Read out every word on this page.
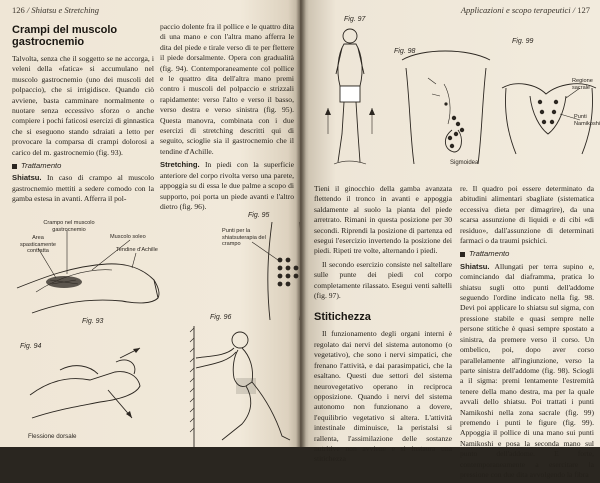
126 / Shiatsu e Stretching
Crampi del muscolo gastrocnemio

Talvolta, senza che il soggetto se ne accorga, i veleni della «fatica» si accumulano nel muscolo gastrocnemio (uno dei muscoli del polpaccio), che si irrigidisce. Quando ciò avviene, basta camminare normalmente o nuotare senza eccessivo sforzo o anche compiere i pochi faticosi esercizi di ginnastica che si eseguono stando sdraiati a letto per provocare la comparsa di crampi dolorosi a carico del m. gastrocnemio (fig. 93).

Trattamento

Shiatsu. In caso di crampo al muscolo gastrocnemio mettiti a sedere comodo con la gamba estesa in avanti. Afferra il pol-

paccio dolente fra il pollice e le quattro dita di una mano e con l'altra mano afferra le dita del piede e tirale verso di te per flettere il piede dorsalmente. Opera con gradualità (fig. 94). Contemporaneamente col pollice e le quattro dita dell'altra mano premi contro i muscoli del polpaccio e strizzali rapidamente: verso l'alto e verso il basso, verso destra e verso sinistra (fig. 95). Questa manovra, combinata con i due esercizi di stretching descritti qui di seguito, scioglie sia il gastrocnemio che il tendine d'Achille.

Stretching. In piedi con la superficie anteriore del corpo rivolta verso una parete, appoggia su di essa le due palme a scopo di supporto, poi porta un piede avanti e l'altro dietro (fig. 96).

Crampo nel muscolo gastrocnemio
Area spasticamente contratta
Muscolo soleo
Tendine d'Achille
Fig. 93
Fig. 94
Flessione dorsale
Fig. 95
Punti per la shiatsuterapia del crampo
Fig. 96
Applicazioni e scopo terapeutici / 127
Fig. 97
Fig. 98
Sigmoidea
Fig. 99
Regione sacrale
Punti Namikoshi

Tieni il ginocchio della gamba avanzata flettendo il tronco in avanti e appoggia saldamente al suolo la pianta del piede arretrato. Rimani in questa posizione per 30 secondi. Riprendi la posizione di partenza ed esegui l'esercizio invertendo la posizione dei piedi. Ripeti tre volte, alternando i piedi.

Il secondo esercizio consiste nel saltellare sulle punte dei piedi col corpo completamente rilassato. Esegui venti saltelli (fig. 97).

Stitichezza

Il funzionamento degli organi interni è regolato dai nervi del sistema autonomo (o vegetativo), che sono i nervi simpatici, che frenano l'attività, e dai parasimpatici, che la esaltano. Questi due settori del sistema neurovegetativo operano in reciproca opposizione. Quando i nervi del sistema autonomo non funzionano a dovere, l'equilibrio vegetativo si altera. L'attività intestinale diminuisce, la peristalsi si rallenta, l'assimilazione delle sostanze nutritive non avviene e si instaura una stitichezza

re. Il quadro poi essere determinato da abitudini alimentari sbagliate (sistematica eccessiva dieta per dimagrire), da una scarsa assunzione di liquidi e di cibi «di residuo», dall'assunzione di determinati farmaci o da traumi psichici.

Trattamento

Shiatsu. Allungati per terra supino e, cominciando dal diaframma, pratica lo shiatsu sugli otto punti dell'addome seguendo l'ordine indicato nella fig. 98. Devi poi applicare lo shiatsu sul sigma, con pressione stabile e quasi sempre nelle persone stitiche è quasi sempre spostato a sinistra, da premere verso il corso. Un ombelico, poi, dopo aver corso parallelamente all'ingiunzione, verso la parte sinistra dell'addome (fig. 98). Sciogli a il sigma: premi lentamente l'estremità tenere della mano destra, ma per la quale avvali dello shiatsu. Poi trattati i punti Namikoshi nella zona sacrale (fig. 99) premendo i punti le figure (fig. 99). Appoggia il pollice di una mano sui punti Namikoshi e posa la seconda mano sul punto dell'addome. E forte, contemporaneamente a esercitare la pressione con due dita avvolgendo la fibra
